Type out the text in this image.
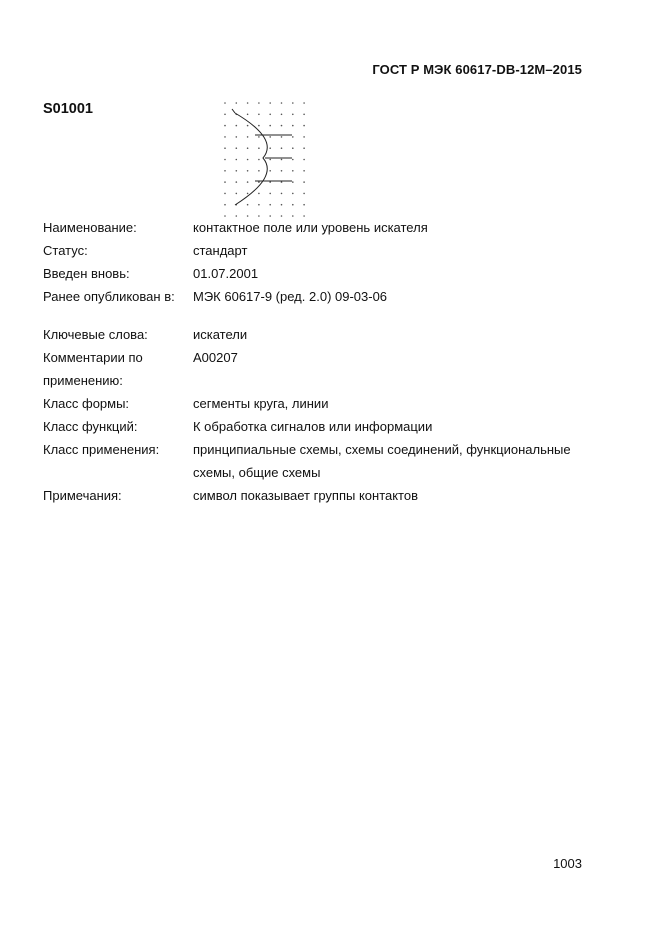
ГОСТ Р МЭК 60617-DB-12M–2015
S01001
Наименование:	контактное поле или уровень искателя
Статус:	стандарт
Введен вновь:	01.07.2001
Ранее опубликован в:	МЭК 60617-9 (ред. 2.0) 09-03-06
Ключевые слова:	искатели
Комментарии по применению:
A00207
Класс формы:	сегменты круга, линии
Класс функций:	К обработка сигналов или информации
Класс применения:	принципиальные схемы, схемы соединений, функциональные схемы, общие схемы
Примечания:	символ показывает группы контактов
1003
